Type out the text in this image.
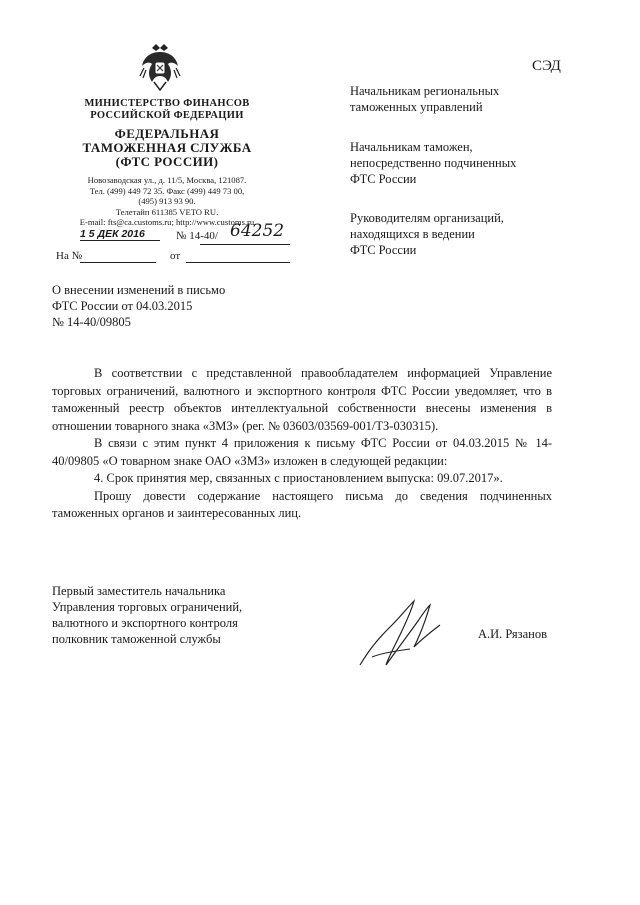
СЭД
МИНИСТЕРСТВО ФИНАНСОВ
РОССИЙСКОЙ ФЕДЕРАЦИИ
ФЕДЕРАЛЬНАЯ
ТАМОЖЕННАЯ СЛУЖБА
(ФТС РОССИИ)
Новозаводская ул., д. 11/5, Москва, 121087.
Тел. (499) 449 72 35. Факс (499) 449 73 00,
(495) 913 93 90.
Телетайп 611385 VETO RU.
E-mail: fts@ca.customs.ru; http://www.customs.ru
1 5 ДЕК 2016	№ 14-40/ 64252
На №	от
Начальникам региональных
таможенных управлений
Начальникам таможен,
непосредственно подчиненных
ФТС России
Руководителям организаций,
находящихся в ведении
ФТС России
О внесении изменений в письмо
ФТС России от 04.03.2015
№ 14-40/09805

В соответствии с представленной правообладателем информацией Управление торговых ограничений, валютного и экспортного контроля ФТС России уведомляет, что в таможенный реестр объектов интеллектуальной собственности внесены изменения в отношении товарного знака «ЗМЗ» (рег. № 03603/03569-001/ТЗ-030315).

В связи с этим пункт 4 приложения к письму ФТС России от 04.03.2015 № 14-40/09805 «О товарном знаке ОАО «ЗМЗ» изложен в следующей редакции:

4. Срок принятия мер, связанных с приостановлением выпуска: 09.07.2017».

Прошу довести содержание настоящего письма до сведения подчиненных таможенных органов и заинтересованных лиц.

Первый заместитель начальника
Управления торговых ограничений,
валютного и экспортного контроля
полковник таможенной службы	А.И. Рязанов
